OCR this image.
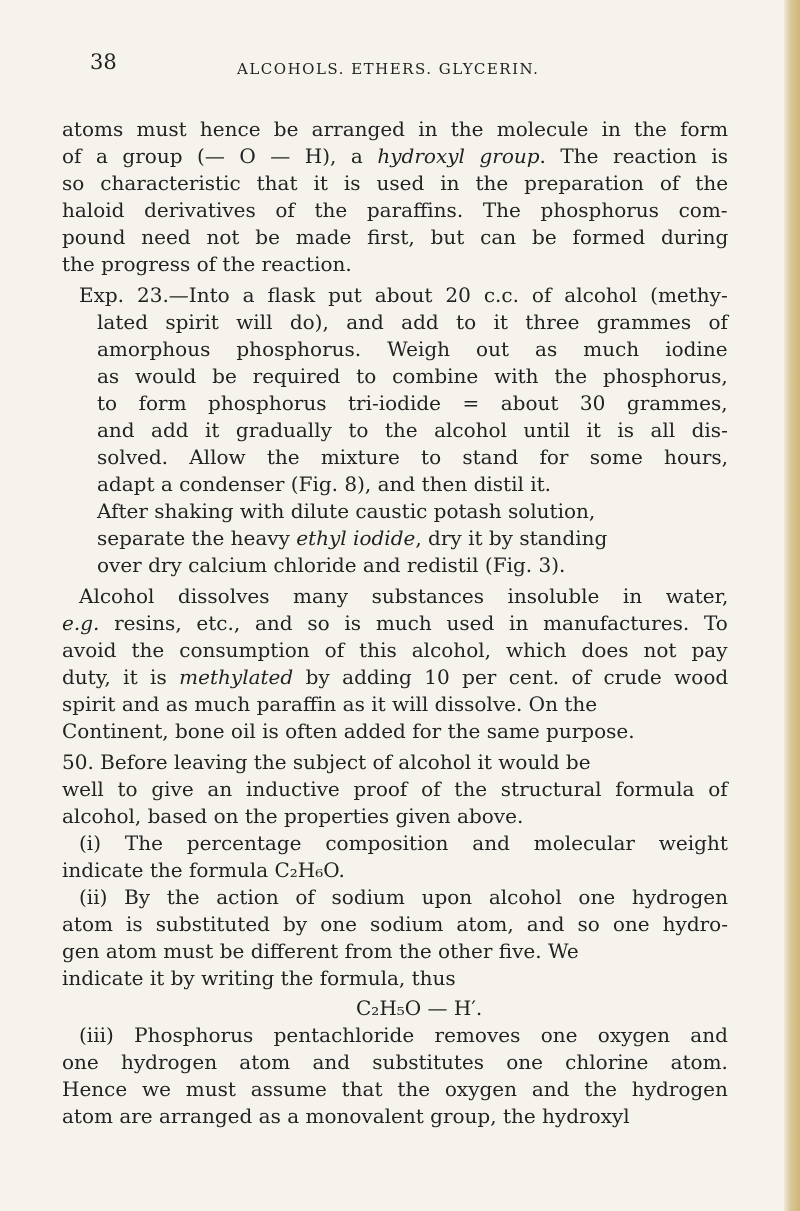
38	ALCOHOLS. ETHERS. GLYCERIN.
atoms must hence be arranged in the molecule in the form
of a group (— O — H), a hydroxyl group. The reaction is
so characteristic that it is used in the preparation of the
haloid derivatives of the paraffins. The phosphorus com-
pound need not be made first, but can be formed during
the progress of the reaction.
Exp. 23.—Into a flask put about 20 c.c. of alcohol (methy-
lated spirit will do), and add to it three grammes of
amorphous phosphorus. Weigh out as much iodine
as would be required to combine with the phosphorus,
to form phosphorus tri-iodide = about 30 grammes,
and add it gradually to the alcohol until it is all dis-
solved. Allow the mixture to stand for some hours,
adapt a condenser (Fig. 8), and then distil it.
After shaking with dilute caustic potash solution,
separate the heavy ethyl iodide, dry it by standing
over dry calcium chloride and redistil (Fig. 3).
Alcohol dissolves many substances insoluble in water,
e.g. resins, etc., and so is much used in manufactures. To
avoid the consumption of this alcohol, which does not pay
duty, it is methylated by adding 10 per cent. of crude wood
spirit and as much paraffin as it will dissolve. On the
Continent, bone oil is often added for the same purpose.
50. Before leaving the subject of alcohol it would be
well to give an inductive proof of the structural formula of
alcohol, based on the properties given above.
(i) The percentage composition and molecular weight
indicate the formula C₂H₆O.
(ii) By the action of sodium upon alcohol one hydrogen
atom is substituted by one sodium atom, and so one hydro-
gen atom must be different from the other five. We
indicate it by writing the formula, thus
C₂H₅O — H′.
(iii) Phosphorus pentachloride removes one oxygen and
one hydrogen atom and substitutes one chlorine atom.
Hence we must assume that the oxygen and the hydrogen
atom are arranged as a monovalent group, the hydroxyl
